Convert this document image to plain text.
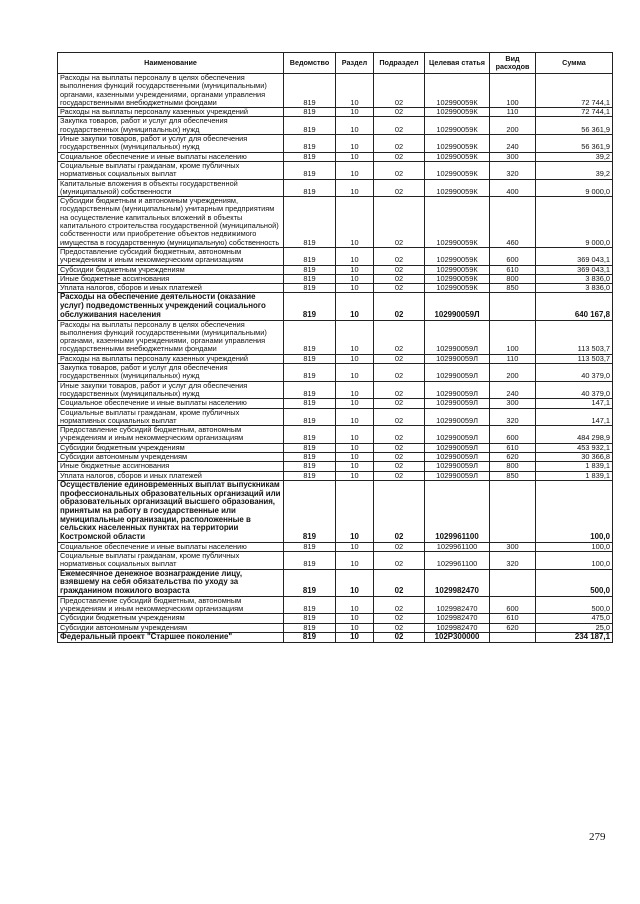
Наименование	Ведомство	Раздел	Подраздел	Целевая статья	Вид расходов	Сумма
Расходы на выплаты персоналу в целях обеспечения выполнения функций государственными (муниципальными) органами, казенными учреждениями, органами управления государственными внебюджетными фондами	819	10	02	102990059К	100	72 744,1
Расходы на выплаты персоналу казенных учреждений	819	10	02	102990059К	110	72 744,1
Закупка товаров, работ и услуг для обеспечения государственных (муниципальных) нужд	819	10	02	102990059К	200	56 361,9
Иные закупки товаров, работ и услуг для обеспечения государственных (муниципальных) нужд	819	10	02	102990059К	240	56 361,9
Социальное обеспечение и иные выплаты населению	819	10	02	102990059К	300	39,2
Социальные выплаты гражданам, кроме публичных нормативных социальных выплат	819	10	02	102990059К	320	39,2
Капитальные вложения в объекты государственной (муниципальной) собственности	819	10	02	102990059К	400	9 000,0
Субсидии бюджетным и автономным учреждениям, государственным (муниципальным) унитарным предприятиям на осуществление капитальных вложений в объекты капитального строительства государственной (муниципальной) собственности или приобретение объектов недвижимого имущества в государственную (муниципальную) собственность	819	10	02	102990059К	460	9 000,0
Предоставление субсидий бюджетным, автономным учреждениям и иным некоммерческим организациям	819	10	02	102990059К	600	369 043,1
Субсидии бюджетным учреждениям	819	10	02	102990059К	610	369 043,1
Иные бюджетные ассигнования	819	10	02	102990059К	800	3 836,0
Уплата налогов, сборов и иных платежей	819	10	02	102990059К	850	3 836,0
Расходы на обеспечение деятельности (оказание услуг) подведомственных учреждений социального обслуживания населения	819	10	02	102990059Л		640 167,8
Расходы на выплаты персоналу в целях обеспечения выполнения функций государственными (муниципальными) органами, казенными учреждениями, органами управления государственными внебюджетными фондами	819	10	02	102990059Л	100	113 503,7
Расходы на выплаты персоналу казенных учреждений	819	10	02	102990059Л	110	113 503,7
Закупка товаров, работ и услуг для обеспечения государственных (муниципальных) нужд	819	10	02	102990059Л	200	40 379,0
Иные закупки товаров, работ и услуг для обеспечения государственных (муниципальных) нужд	819	10	02	102990059Л	240	40 379,0
Социальное обеспечение и иные выплаты населению	819	10	02	102990059Л	300	147,1
Социальные выплаты гражданам, кроме публичных нормативных социальных выплат	819	10	02	102990059Л	320	147,1
Предоставление субсидий бюджетным, автономным учреждениям и иным некоммерческим организациям	819	10	02	102990059Л	600	484 298,9
Субсидии бюджетным учреждениям	819	10	02	102990059Л	610	453 932,1
Субсидии автономным учреждениям	819	10	02	102990059Л	620	30 366,8
Иные бюджетные ассигнования	819	10	02	102990059Л	800	1 839,1
Уплата налогов, сборов и иных платежей	819	10	02	102990059Л	850	1 839,1
Осуществление единовременных выплат выпускникам профессиональных образовательных организаций или образовательных организаций высшего образования, принятым на работу в государственные или муниципальные организации, расположенные в сельских населенных пунктах на территории Костромской области	819	10	02	1029961100		100,0
Социальное обеспечение и иные выплаты населению	819	10	02	1029961100	300	100,0
Социальные выплаты гражданам, кроме публичных нормативных социальных выплат	819	10	02	1029961100	320	100,0
Ежемесячное денежное вознаграждение лицу, взявшему на себя обязательства по уходу за гражданином пожилого возраста	819	10	02	1029982470		500,0
Предоставление субсидий бюджетным, автономным учреждениям и иным некоммерческим организациям	819	10	02	1029982470	600	500,0
Субсидии бюджетным учреждениям	819	10	02	1029982470	610	475,0
Субсидии автономным учреждениям	819	10	02	1029982470	620	25,0
Федеральный проект "Старшее поколение"	819	10	02	102P300000		234 187,1
279
